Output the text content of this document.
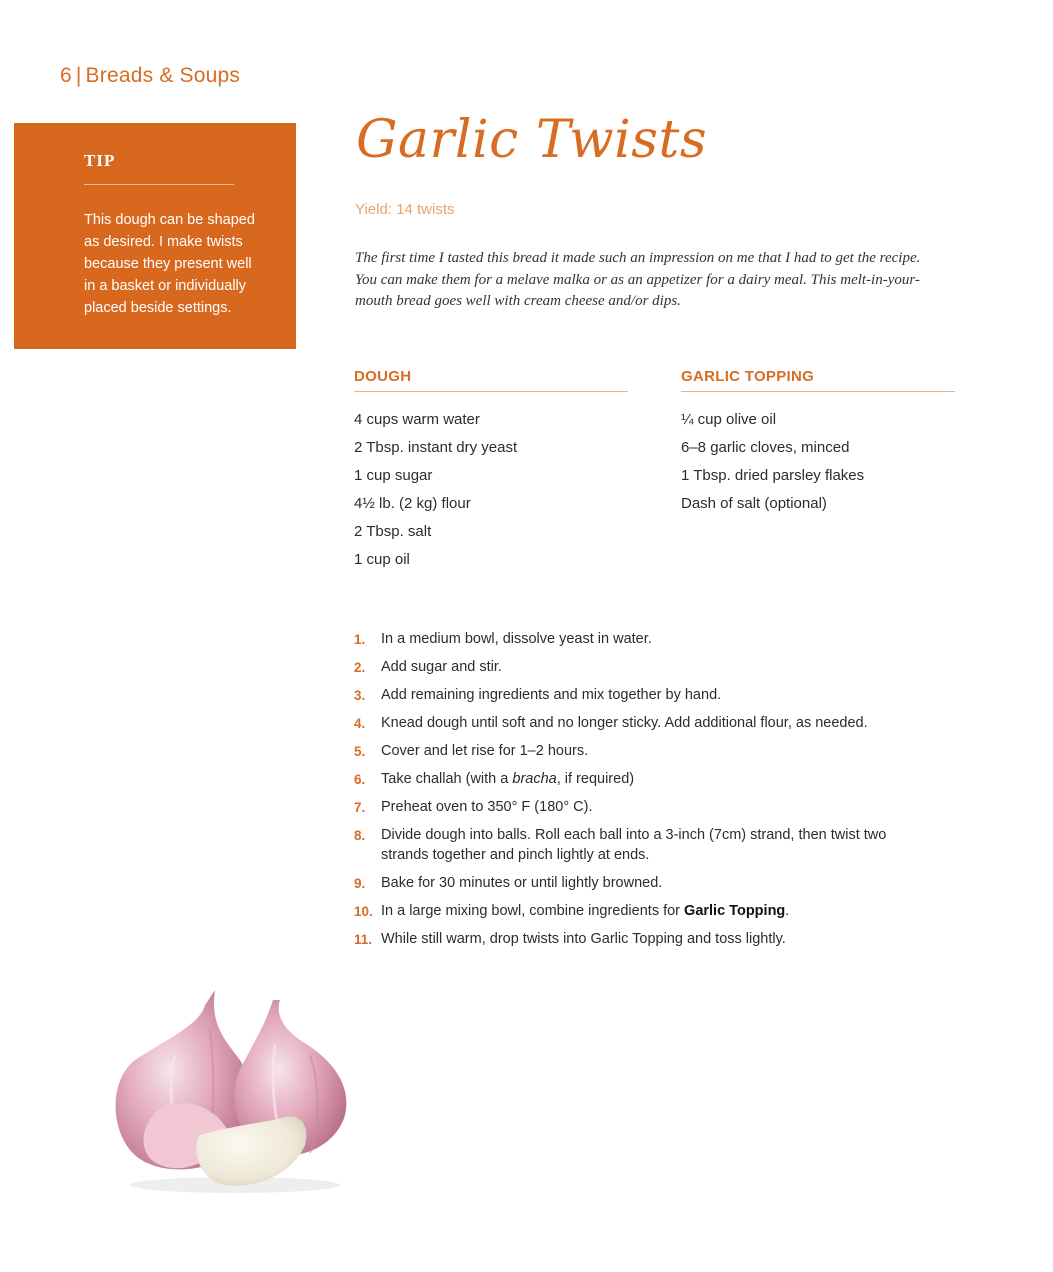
6 | Breads & Soups
TIP
This dough can be shaped as desired. I make twists because they present well in a basket or individually placed beside settings.
Garlic Twists
Yield: 14 twists
The first time I tasted this bread it made such an impression on me that I had to get the recipe. You can make them for a melave malka or as an appetizer for a dairy meal. This melt-in-your-mouth bread goes well with cream cheese and/or dips.
DOUGH
4 cups warm water
2 Tbsp. instant dry yeast
1 cup sugar
4½ lb. (2 kg) flour
2 Tbsp. salt
1 cup oil
GARLIC TOPPING
¼ cup olive oil
6–8 garlic cloves, minced
1 Tbsp. dried parsley flakes
Dash of salt (optional)
1.	In a medium bowl, dissolve yeast in water.
2.	Add sugar and stir.
3.	Add remaining ingredients and mix together by hand.
4.	Knead dough until soft and no longer sticky. Add additional flour, as needed.
5.	Cover and let rise for 1–2 hours.
6.	Take challah (with a bracha, if required)
7.	Preheat oven to 350° F (180° C).
8.	Divide dough into balls. Roll each ball into a 3-inch (7cm) strand, then twist two strands together and pinch lightly at ends.
9.	Bake for 30 minutes or until lightly browned.
10. In a large mixing bowl, combine ingredients for Garlic Topping.
11. While still warm, drop twists into Garlic Topping and toss lightly.
